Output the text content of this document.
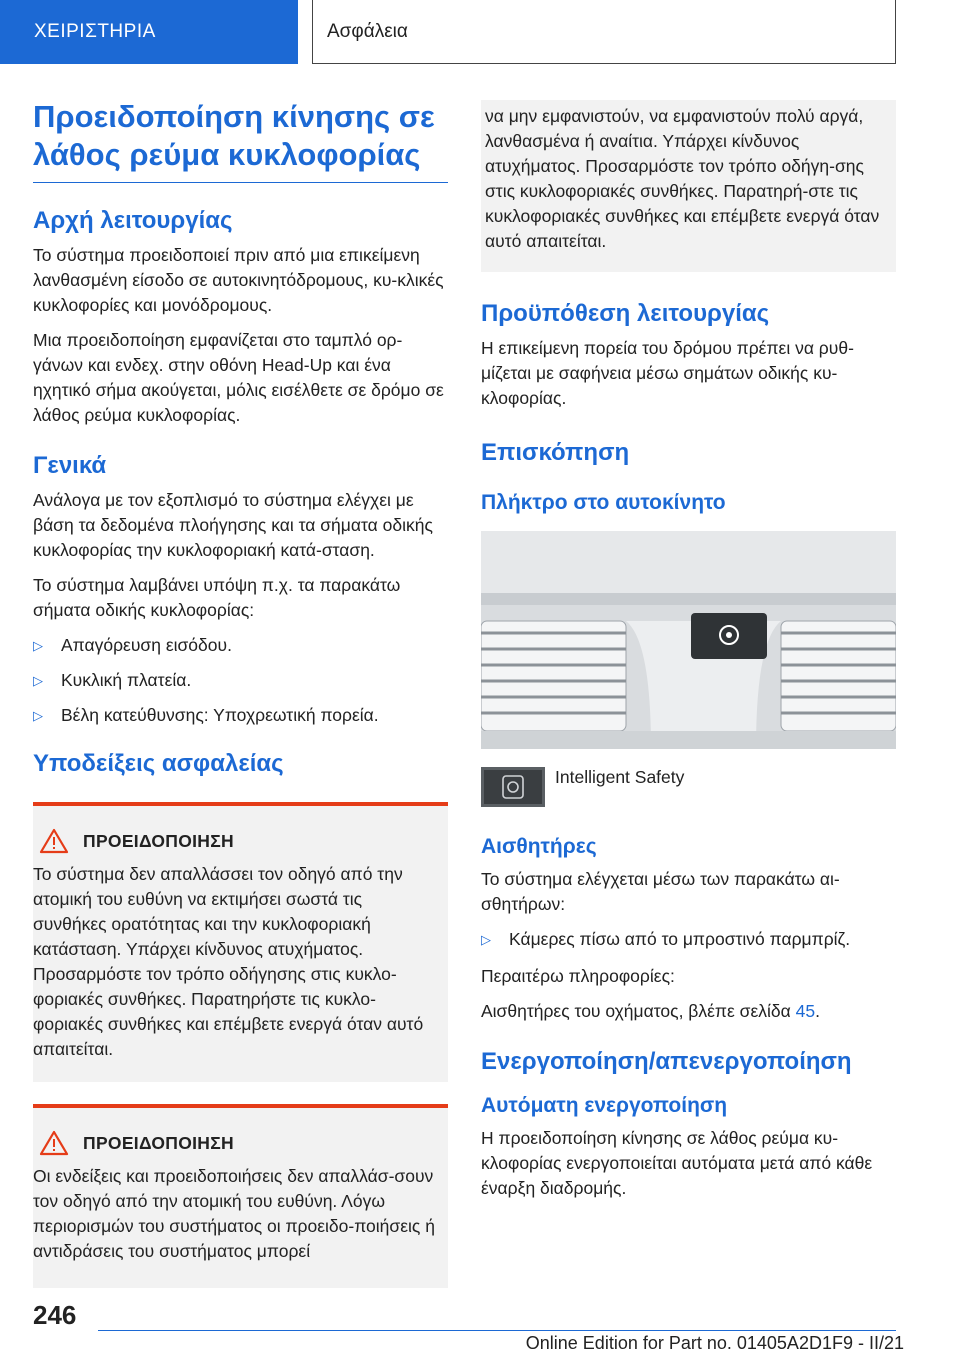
ΧΕΙΡΙΣΤΗΡΙΑ	Ασφάλεια
Προειδοποίηση κίνησης σε λάθος ρεύμα κυκλοφορίας
Αρχή λειτουργίας

Το σύστημα προειδοποιεί πριν από μια επικείμενη λανθασμένη είσοδο σε αυτοκινητόδρομους, κυ-κλικές κυκλοφορίες και μονόδρομους.

Μια προειδοποίηση εμφανίζεται στο ταμπλό ορ-γάνων και ενδεχ. στην οθόνη Head-Up και ένα ηχητικό σήμα ακούγεται, μόλις εισέλθετε σε δρόμο σε λάθος ρεύμα κυκλοφορίας.

Γενικά

Ανάλογα με τον εξοπλισμό το σύστημα ελέγχει με βάση τα δεδομένα πλοήγησης και τα σήματα οδικής κυκλοφορίας την κυκλοφοριακή κατά-σταση.

Το σύστημα λαμβάνει υπόψη π.χ. τα παρακάτω σήματα οδικής κυκλοφορίας:

▷ Απαγόρευση εισόδου.
▷ Κυκλική πλατεία.
▷ Βέλη κατεύθυνσης: Υποχρεωτική πορεία.
Υποδείξεις ασφαλείας
ΠΡΟΕΙΔΟΠΟΙΗΣΗ

Το σύστημα δεν απαλλάσσει τον οδηγό από την ατομική του ευθύνη να εκτιμήσει σωστά τις συνθήκες ορατότητας και την κυκλοφοριακή κατάσταση. Υπάρχει κίνδυνος ατυχήματος. Προσαρμόστε τον τρόπο οδήγησης στις κυκλο-φοριακές συνθήκες. Παρατηρήστε τις κυκλο-φοριακές συνθήκες και επέμβετε ενεργά όταν αυτό απαιτείται.

ΠΡΟΕΙΔΟΠΟΙΗΣΗ

Οι ενδείξεις και προειδοποιήσεις δεν απαλλάσ-σουν τον οδηγό από την ατομική του ευθύνη. Λόγω περιορισμών του συστήματος οι προειδο-ποιήσεις ή αντιδράσεις του συστήματος μπορεί

να μην εμφανιστούν, να εμφανιστούν πολύ αργά, λανθασμένα ή αναίτια. Υπάρχει κίνδυνος ατυχήματος. Προσαρμόστε τον τρόπο οδήγη-σης στις κυκλοφοριακές συνθήκες. Παρατηρή-στε τις κυκλοφοριακές συνθήκες και επέμβετε ενεργά όταν αυτό απαιτείται.

Προϋπόθεση λειτουργίας

Η επικείμενη πορεία του δρόμου πρέπει να ρυθ-μίζεται με σαφήνεια μέσω σημάτων οδικής κυ-κλοφορίας.

Επισκόπηση
Πλήκτρο στο αυτοκίνητο
Intelligent Safety
Αισθητήρες

Το σύστημα ελέγχεται μέσω των παρακάτω αι-σθητήρων:

▷ Κάμερες πίσω από το μπροστινό παρμπρίζ.

Περαιτέρω πληροφορίες:

Αισθητήρες του οχήματος, βλέπε σελίδα 45.

Ενεργοποίηση/απενεργοποίηση
Αυτόματη ενεργοποίηση

Η προειδοποίηση κίνησης σε λάθος ρεύμα κυ-κλοφορίας ενεργοποιείται αυτόματα μετά από κάθε έναρξη διαδρομής.

246
Online Edition for Part no. 01405A2D1F9 - II/21
